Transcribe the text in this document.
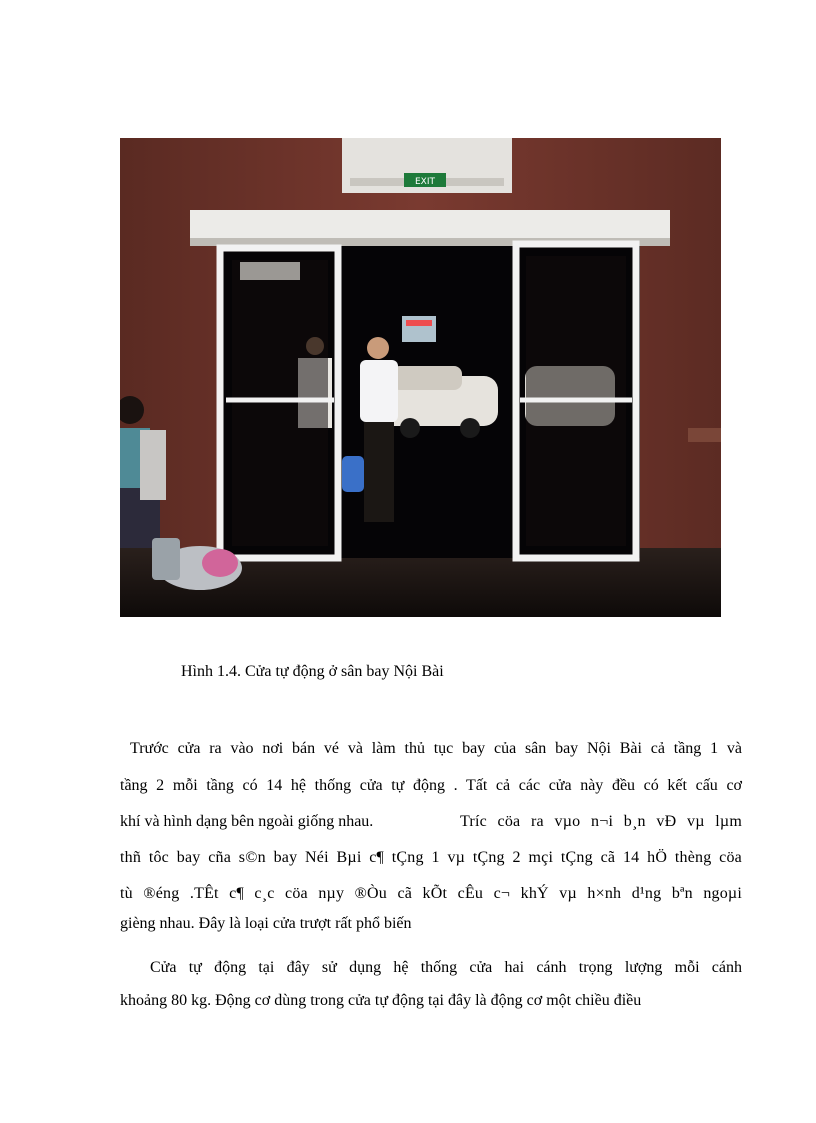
EXIT
Hình 1.4. Cửa tự động ở sân bay Nội Bài
Trước cửa ra vào nơi bán vé và làm thủ tục bay của sân bay Nội Bài cả tầng 1 và
tầng 2 mỗi tầng có 14 hệ thống cửa tự động . Tất cả các cửa này đều có kết cấu cơ
khí và hình dạng bên ngoài giống nhau.	Tríc cöa ra vµo n¬i b¸n vÐ vµ lµm
thñ tôc bay cña s©n bay Néi Bµi c¶ tÇng 1 vµ tÇng 2 mçi tÇng cã 14 hÖ thèng cöa
tù ®éng .TÊt c¶ c¸c cöa nµy ®Òu cã kÕt cÊu c¬ khÝ vµ h×nh d¹ng bªn ngoµi
gièng nhau. Đây là loại cửa trượt rất phổ biến
Cửa tự động tại đây sử dụng hệ thống cửa hai cánh trọng lượng mỗi cánh
khoảng 80 kg. Động cơ dùng trong cửa tự động tại đây là động cơ một chiều điều
